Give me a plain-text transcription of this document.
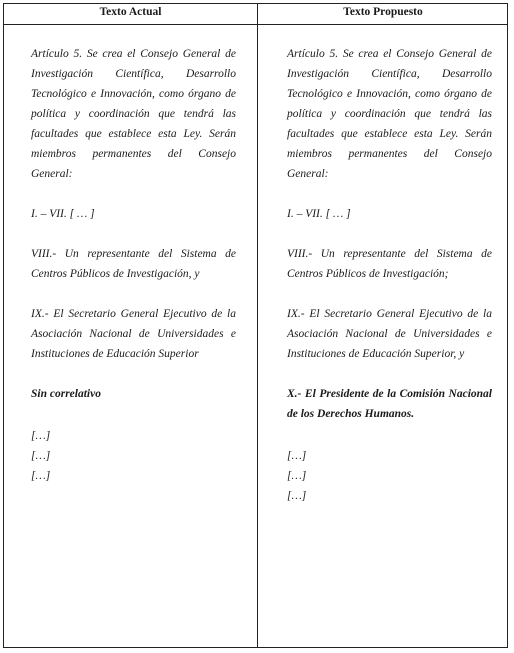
Texto Actual	Texto Propuesto

Artículo 5. Se crea el Consejo General de Investigación Científica, Desarrollo Tecnológico e Innovación, como órgano de política y coordinación que tendrá las facultades que establece esta Ley. Serán miembros permanentes del Consejo General:

I. – VII. [ … ]

VIII.- Un representante del Sistema de Centros Públicos de Investigación, y

IX.- El Secretario General Ejecutivo de la Asociación Nacional de Universidades e Instituciones de Educación Superior

Sin correlativo

[…]

[…]

[…]

Artículo 5. Se crea el Consejo General de Investigación Científica, Desarrollo Tecnológico e Innovación, como órgano de política y coordinación que tendrá las facultades que establece esta Ley. Serán miembros permanentes del Consejo General:

I. – VII. [ … ]

VIII.- Un representante del Sistema de Centros Públicos de Investigación;

IX.- El Secretario General Ejecutivo de la Asociación Nacional de Universidades e Instituciones de Educación Superior, y

X.- El Presidente de la Comisión Nacional de los Derechos Humanos.

[…]

[…]

[…]
